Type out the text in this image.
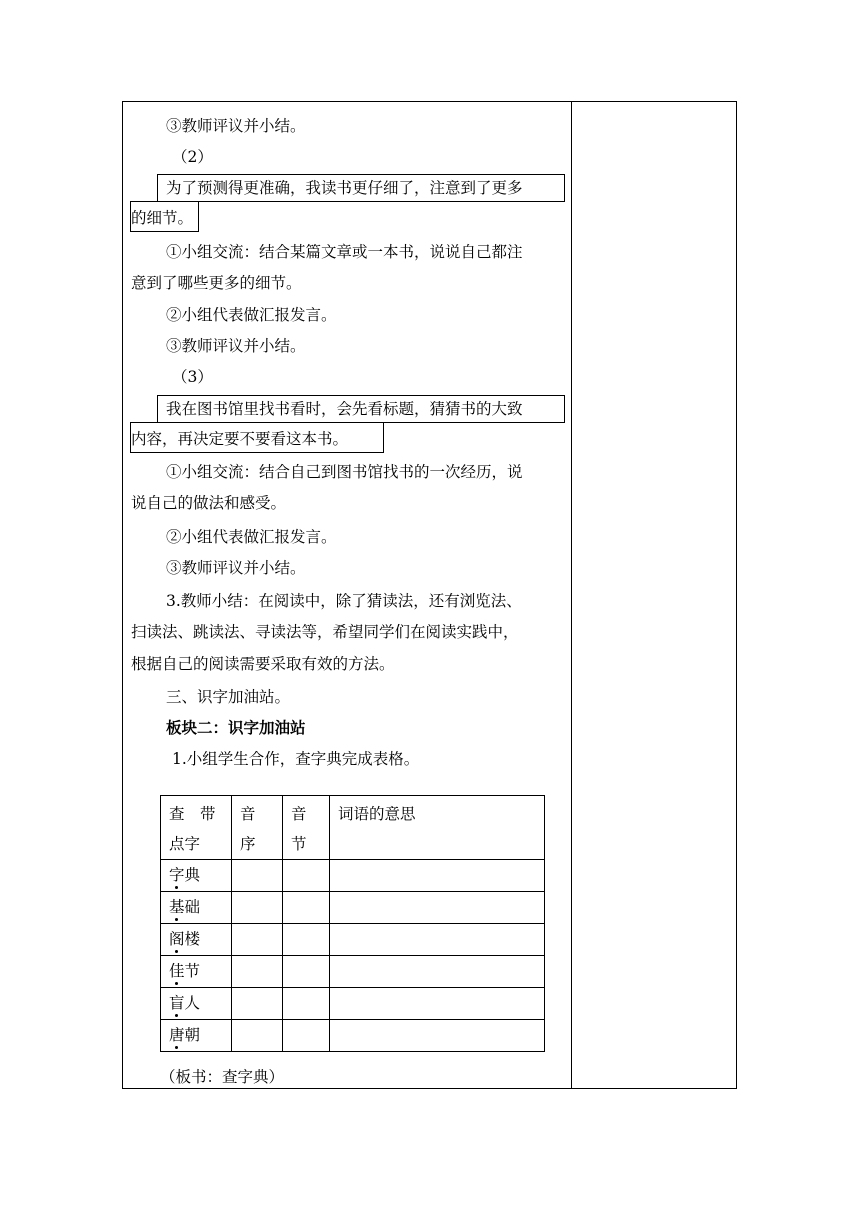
③教师评议并小结。
（2）
为了预测得更准确，我读书更仔细了，注意到了更多
的细节。
①小组交流：结合某篇文章或一本书，说说自己都注
意到了哪些更多的细节。
②小组代表做汇报发言。
③教师评议并小结。
（3）
我在图书馆里找书看时，会先看标题，猜猜书的大致
内容，再决定要不要看这本书。
①小组交流：结合自己到图书馆找书的一次经历，说
说自己的做法和感受。
②小组代表做汇报发言。
③教师评议并小结。
3.教师小结：在阅读中，除了猜读法，还有浏览法、
扫读法、跳读法、寻读法等，希望同学们在阅读实践中，
根据自己的阅读需要采取有效的方法。
三、识字加油站。
板块二：识字加油站
1.小组学生合作，查字典完成表格。
查　带点字	音序	音节	词语的意思

字典			

基础			

阁楼			

佳节			

盲人			

唐朝			

（板书：查字典）
